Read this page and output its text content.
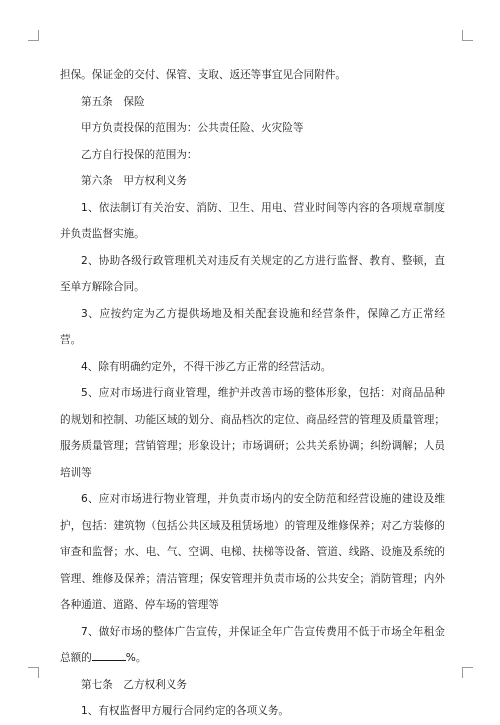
担保。保证金的交付、保管、支取、返还等事宜见合同附件。

第五条　保险

甲方负责投保的范围为：公共责任险、火灾险等

乙方自行投保的范围为：

第六条　甲方权利义务

1、依法制订有关治安、消防、卫生、用电、营业时间等内容的各项规章制度并负责监督实施。

2、协助各级行政管理机关对违反有关规定的乙方进行监督、教育、整顿，直至单方解除合同。

3、应按约定为乙方提供场地及相关配套设施和经营条件，保障乙方正常经营。

4、除有明确约定外，不得干涉乙方正常的经营活动。

5、应对市场进行商业管理，维护并改善市场的整体形象，包括：对商品品种的规划和控制、功能区域的划分、商品档次的定位、商品经营的管理及质量管理；服务质量管理；营销管理；形象设计；市场调研；公共关系协调；纠纷调解；人员培训等

6、应对市场进行物业管理，并负责市场内的安全防范和经营设施的建设及维护，包括：建筑物（包括公共区域及租赁场地）的管理及维修保养；对乙方装修的审查和监督；水、电、气、空调、电梯、扶梯等设备、管道、线路、设施及系统的管理、维修及保养；清洁管理；保安管理并负责市场的公共安全；消防管理；内外各种通道、道路、停车场的管理等

7、做好市场的整体广告宣传，并保证全年广告宣传费用不低于市场全年租金总额的	%。

第七条　乙方权利义务

1、有权监督甲方履行合同约定的各项义务。
